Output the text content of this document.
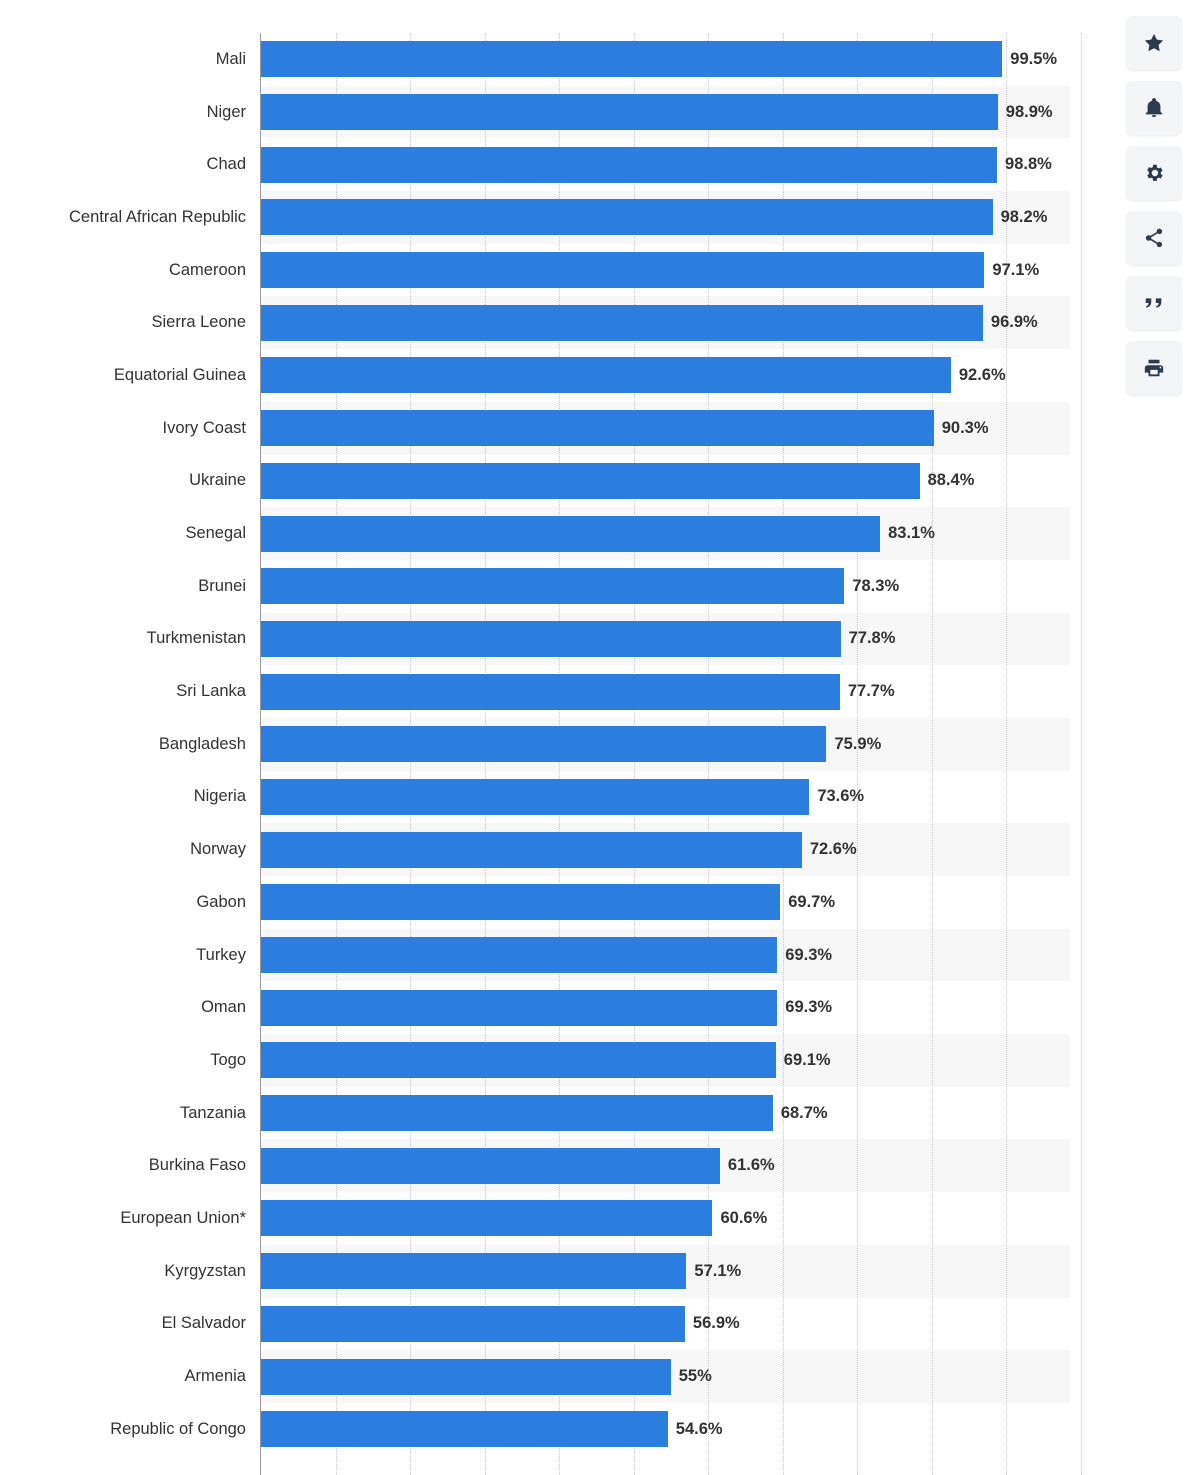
Mali	99.5%
Niger	98.9%
Chad	98.8%
Central African Republic	98.2%
Cameroon	97.1%
Sierra Leone	96.9%
Equatorial Guinea	92.6%
Ivory Coast	90.3%
Ukraine	88.4%
Senegal	83.1%
Brunei	78.3%
Turkmenistan	77.8%
Sri Lanka	77.7%
Bangladesh	75.9%
Nigeria	73.6%
Norway	72.6%
Gabon	69.7%
Turkey	69.3%
Oman	69.3%
Togo	69.1%
Tanzania	68.7%
Burkina Faso	61.6%
European Union*	60.6%
Kyrgyzstan	57.1%
El Salvador	56.9%
Armenia	55%
Republic of Congo	54.6%
